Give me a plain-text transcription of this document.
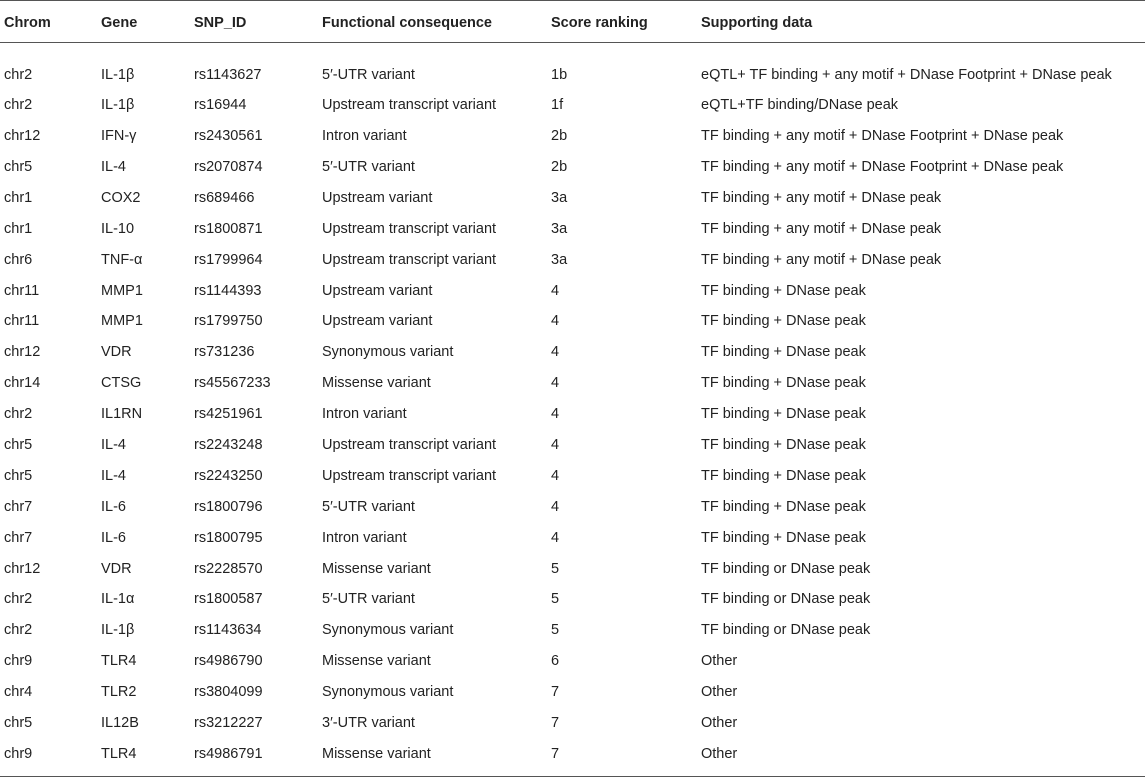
Chrom	Gene	SNP_ID	Functional consequence	Score ranking	Supporting data
chr2	IL-1β	rs1143627	5′-UTR variant	1b	eQTL+ TF binding + any motif + DNase Footprint + DNase peak
chr2	IL-1β	rs16944	Upstream transcript variant	1f	eQTL+TF binding/DNase peak
chr12	IFN-γ	rs2430561	Intron variant	2b	TF binding + any motif + DNase Footprint + DNase peak
chr5	IL-4	rs2070874	5′-UTR variant	2b	TF binding + any motif + DNase Footprint + DNase peak
chr1	COX2	rs689466	Upstream variant	3a	TF binding + any motif + DNase peak
chr1	IL-10	rs1800871	Upstream transcript variant	3a	TF binding + any motif + DNase peak
chr6	TNF-α	rs1799964	Upstream transcript variant	3a	TF binding + any motif + DNase peak
chr11	MMP1	rs1144393	Upstream variant	4	TF binding + DNase peak
chr11	MMP1	rs1799750	Upstream variant	4	TF binding + DNase peak
chr12	VDR	rs731236	Synonymous variant	4	TF binding + DNase peak
chr14	CTSG	rs45567233	Missense variant	4	TF binding + DNase peak
chr2	IL1RN	rs4251961	Intron variant	4	TF binding + DNase peak
chr5	IL-4	rs2243248	Upstream transcript variant	4	TF binding + DNase peak
chr5	IL-4	rs2243250	Upstream transcript variant	4	TF binding + DNase peak
chr7	IL-6	rs1800796	5′-UTR variant	4	TF binding + DNase peak
chr7	IL-6	rs1800795	Intron variant	4	TF binding + DNase peak
chr12	VDR	rs2228570	Missense variant	5	TF binding or DNase peak
chr2	IL-1α	rs1800587	5′-UTR variant	5	TF binding or DNase peak
chr2	IL-1β	rs1143634	Synonymous variant	5	TF binding or DNase peak
chr9	TLR4	rs4986790	Missense variant	6	Other
chr4	TLR2	rs3804099	Synonymous variant	7	Other
chr5	IL12B	rs3212227	3′-UTR variant	7	Other
chr9	TLR4	rs4986791	Missense variant	7	Other
